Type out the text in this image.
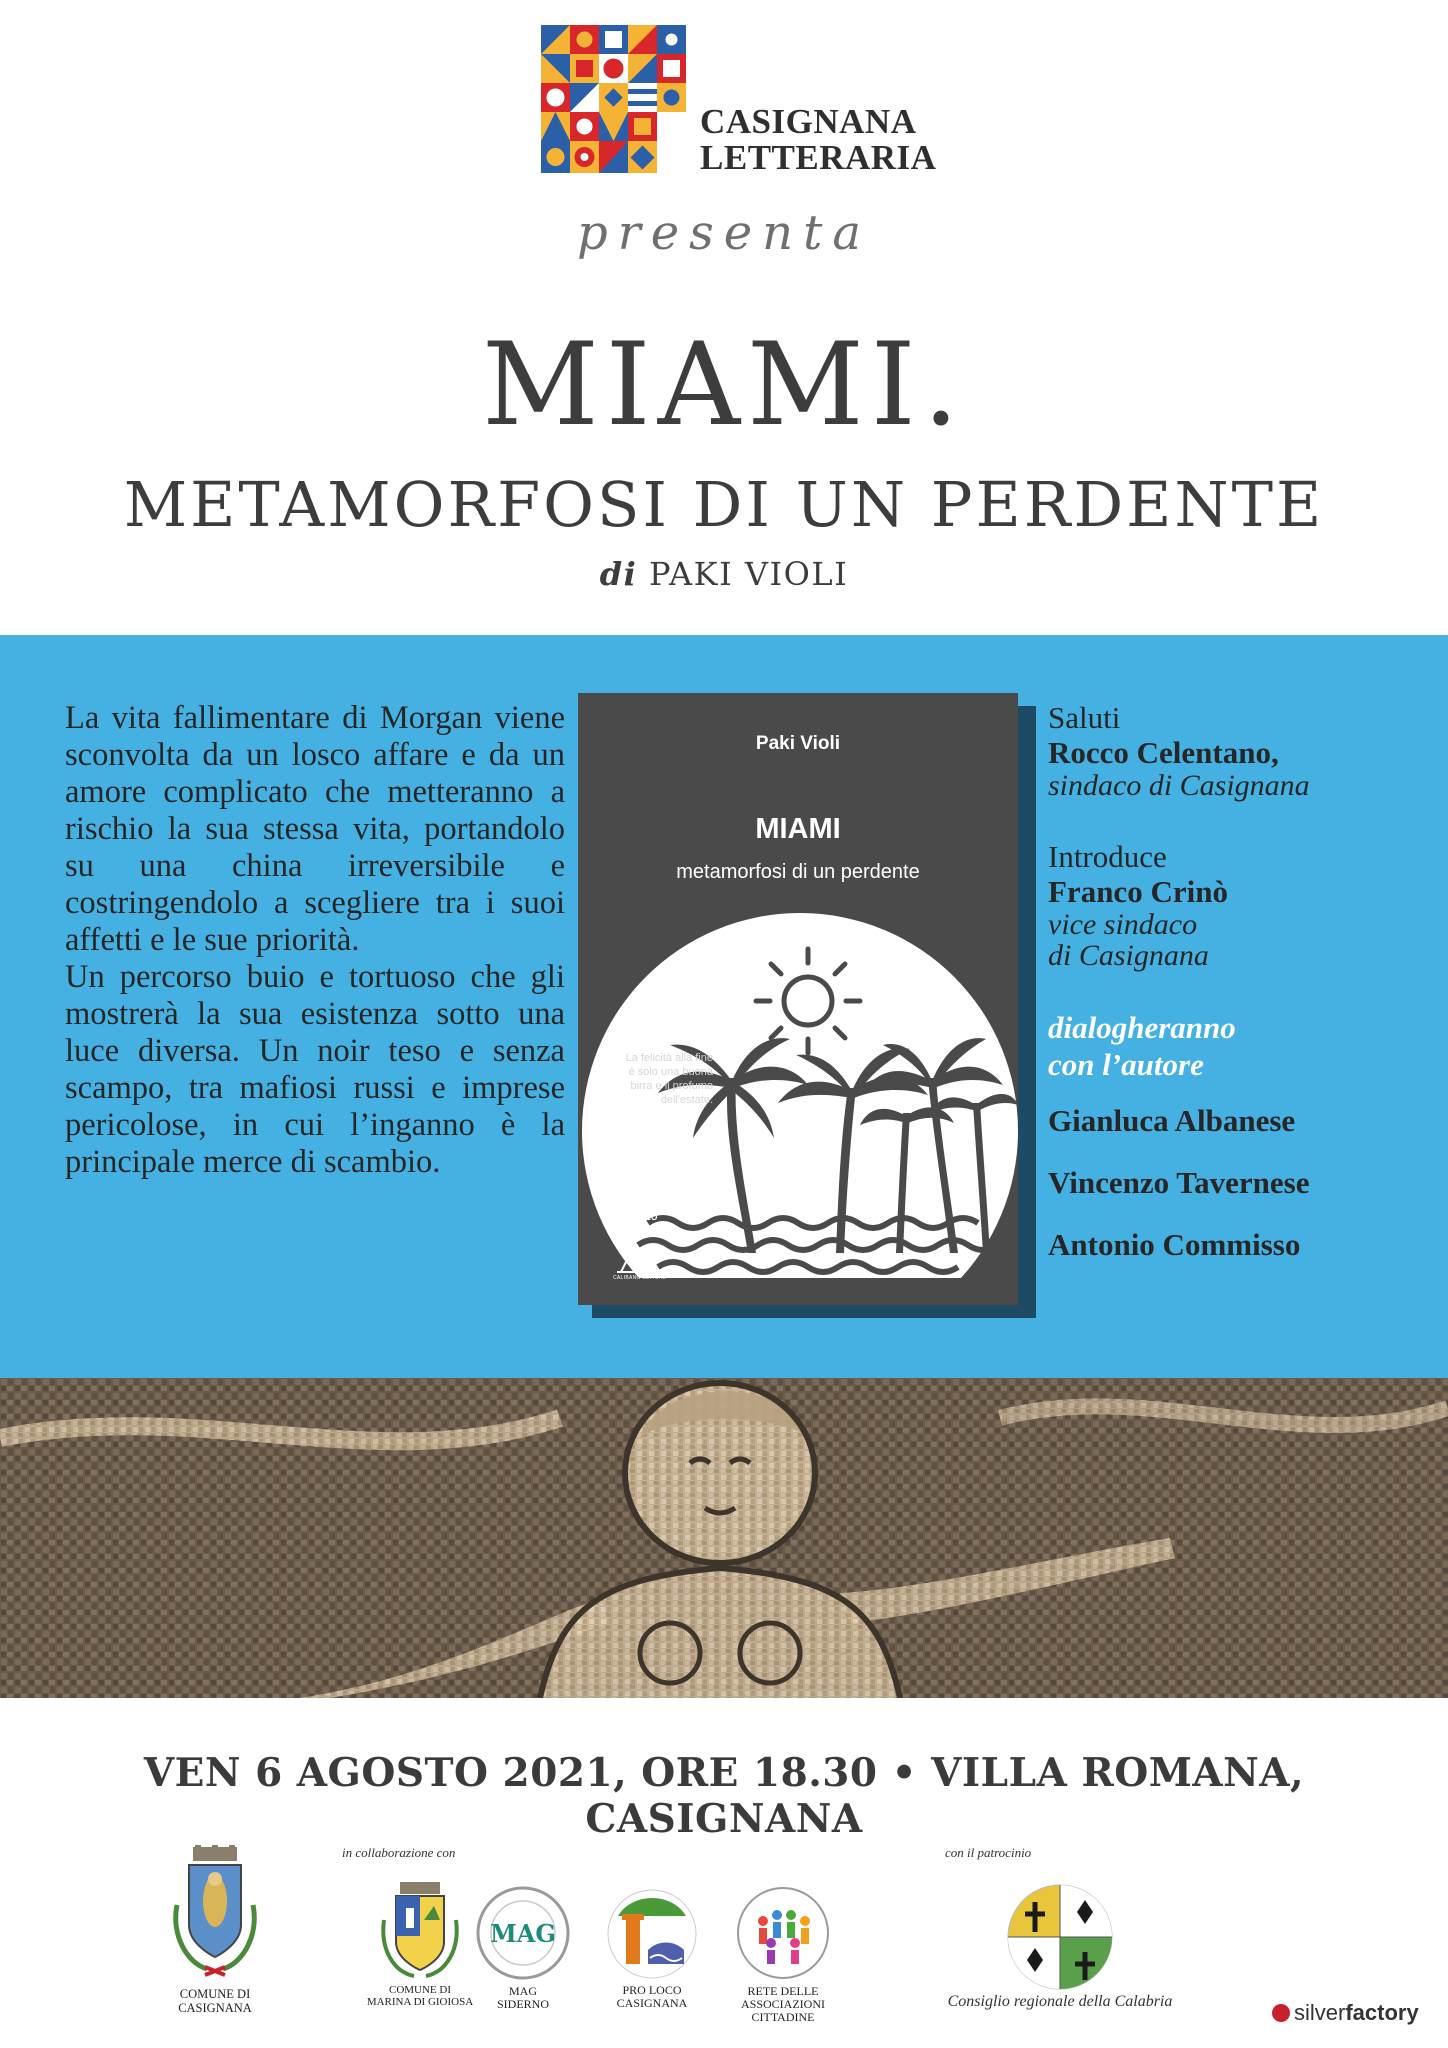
CASIGNANA
LETTERARIA
presenta
MIAMI.
METAMORFOSI DI UN PERDENTE
di PAKI VIOLI

La vita fallimentare di Morgan viene sconvolta da un losco affare e da un amore complicato che metteranno a rischio la sua stessa vita, portandolo su una china irreversibile e costringendolo a scegliere tra i suoi affetti e le sue priorità.

Un percorso buio e tortuoso che gli mostrerà la sua esistenza sotto una luce diversa. Un noir teso e senza scampo, tra mafiosi russi e imprese pericolose, in cui l’inganno è la principale merce di scambio.

Paki Violi
MIAMI
metamorfosi di un perdente
La felicità alla fine è solo una buona birra e il profumo dell'estate.
ROMANZO
CALIBANO EDITORE
Saluti
Rocco Celentano,
sindaco di Casignana
Introduce
Franco Crinò
vice sindaco
di Casignana
dialogheranno
con l’autore
Gianluca Albanese
Vincenzo Tavernese
Antonio Commisso
VEN 6 AGOSTO 2021, ORE 18.30 • VILLA ROMANA, CASIGNANA
in collaborazione con	con il patrocinio
COMUNE DI
CASIGNANA
COMUNE DI
MARINA DI GIOIOSA
MAG
MAG
SIDERNO
PRO LOCO
CASIGNANA
RETE DELLE
ASSOCIAZIONI CITTADINE
Consiglio regionale della Calabria	silverfactory
